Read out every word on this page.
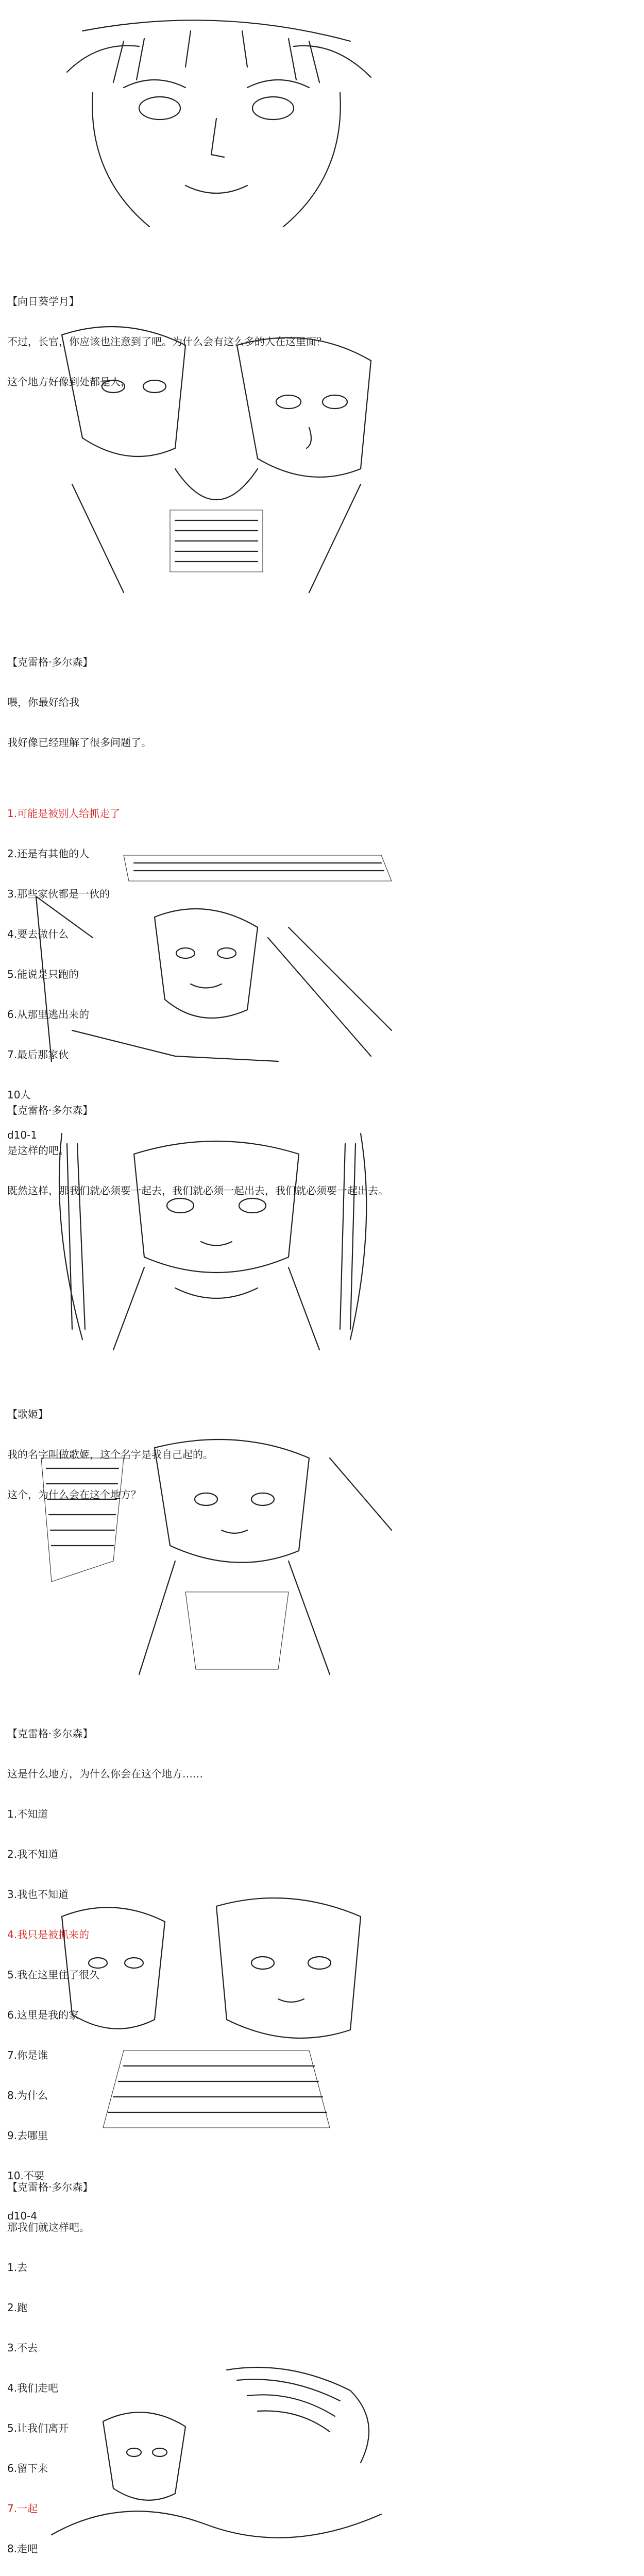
【向日葵学月】

不过，长官，你应该也注意到了吧。为什么会有这么多的人在这里面？

这个地方好像到处都是人，

【克雷格·多尔森】

喂，你最好给我

我好像已经理解了很多问题了。

1.可能是被别人给抓走了

2.还是有其他的人

3.那些家伙都是一伙的

4.要去做什么

5.能说是只跑的

6.从那里逃出来的

7.最后那家伙

10人

d10-1

【克雷格·多尔森】

是这样的吧。

既然这样，那我们就必须要一起去，我们就必须一起出去，我们就必须要一起出去。

【歌姬】

我的名字叫做歌姬，这个名字是我自己起的。

这个，为什么会在这个地方？

【克雷格·多尔森】

这是什么地方，为什么你会在这个地方……

1.不知道

2.我不知道

3.我也不知道

4.我只是被抓来的

5.我在这里住了很久

6.这里是我的家

7.你是谁

8.为什么

9.去哪里

10.不要

d10-4

【克雷格·多尔森】

那我们就这样吧。

1.去

2.跑

3.不去

4.我们走吧

5.让我们离开

6.留下来

7.一起

8.走吧
